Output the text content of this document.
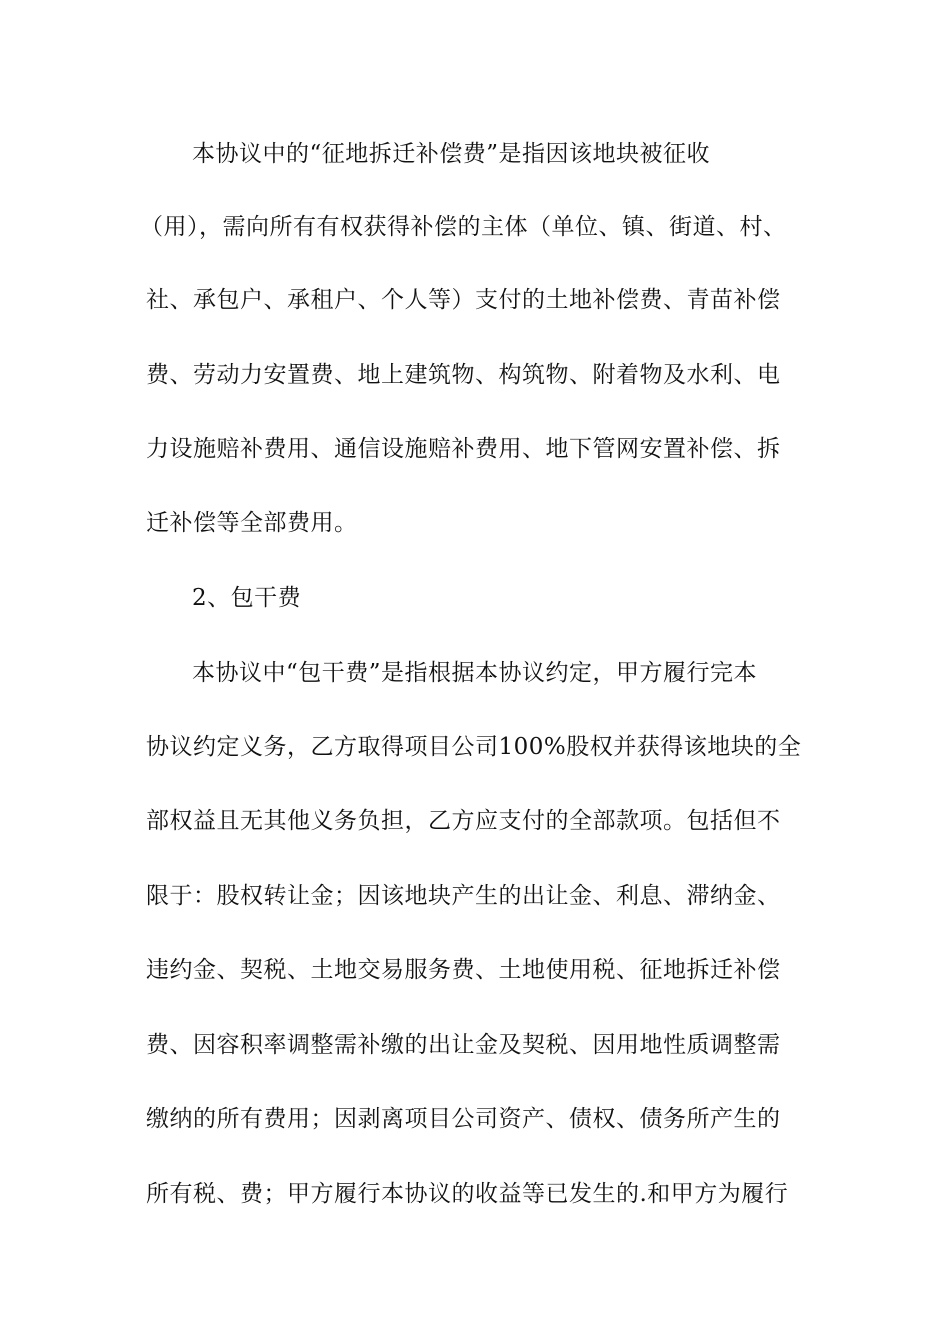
本协议中的“征地拆迁补偿费”是指因该地块被征收
（用），需向所有有权获得补偿的主体（单位、镇、街道、村、
社、承包户、承租户、个人等）支付的土地补偿费、青苗补偿
费、劳动力安置费、地上建筑物、构筑物、附着物及水利、电
力设施赔补费用、通信设施赔补费用、地下管网安置补偿、拆
迁补偿等全部费用。
2、包干费
本协议中“包干费”是指根据本协议约定，甲方履行完本
协议约定义务，乙方取得项目公司100%股权并获得该地块的全
部权益且无其他义务负担，乙方应支付的全部款项。包括但不
限于：股权转让金；因该地块产生的出让金、利息、滞纳金、
违约金、契税、土地交易服务费、土地使用税、征地拆迁补偿
费、因容积率调整需补缴的出让金及契税、因用地性质调整需
缴纳的所有费用；因剥离项目公司资产、债权、债务所产生的
所有税、费；甲方履行本协议的收益等已发生的.和甲方为履行
